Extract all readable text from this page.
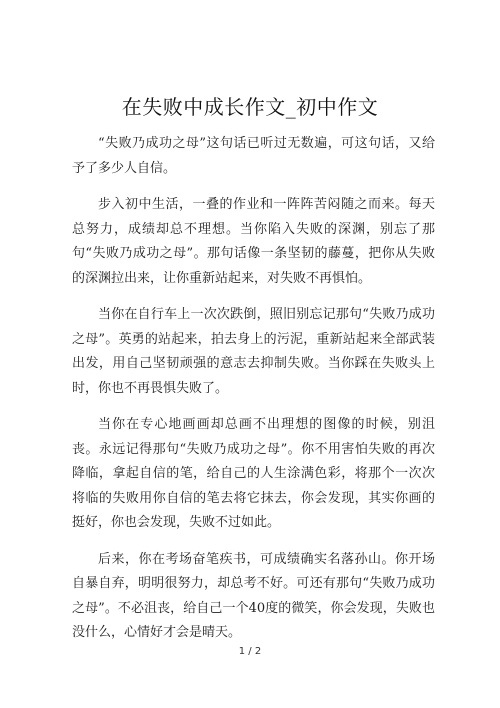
在失败中成长作文_初中作文

“失败乃成功之母”这句话已听过无数遍，可这句话，又给予了多少人自信。

步入初中生活，一叠的作业和一阵阵苦闷随之而来。每天总努力，成绩却总不理想。当你陷入失败的深渊，别忘了那句“失败乃成功之母”。那句话像一条坚韧的藤蔓，把你从失败的深渊拉出来，让你重新站起来，对失败不再惧怕。

当你在自行车上一次次跌倒，照旧别忘记那句“失败乃成功之母”。英勇的站起来，拍去身上的污泥，重新站起来全部武装出发，用自己坚韧顽强的意志去抑制失败。当你踩在失败头上时，你也不再畏惧失败了。

当你在专心地画画却总画不出理想的图像的时候，别沮丧。永远记得那句“失败乃成功之母”。你不用害怕失败的再次降临，拿起自信的笔，给自己的人生涂满色彩，将那个一次次将临的失败用你自信的笔去将它抹去，你会发现，其实你画的挺好，你也会发现，失败不过如此。

后来，你在考场奋笔疾书，可成绩确实名落孙山。你开场自暴自弃，明明很努力，却总考不好。可还有那句“失败乃成功之母”。不必沮丧，给自己一个40度的微笑，你会发现，失败也没什么，心情好才会是晴天。

1 / 2
